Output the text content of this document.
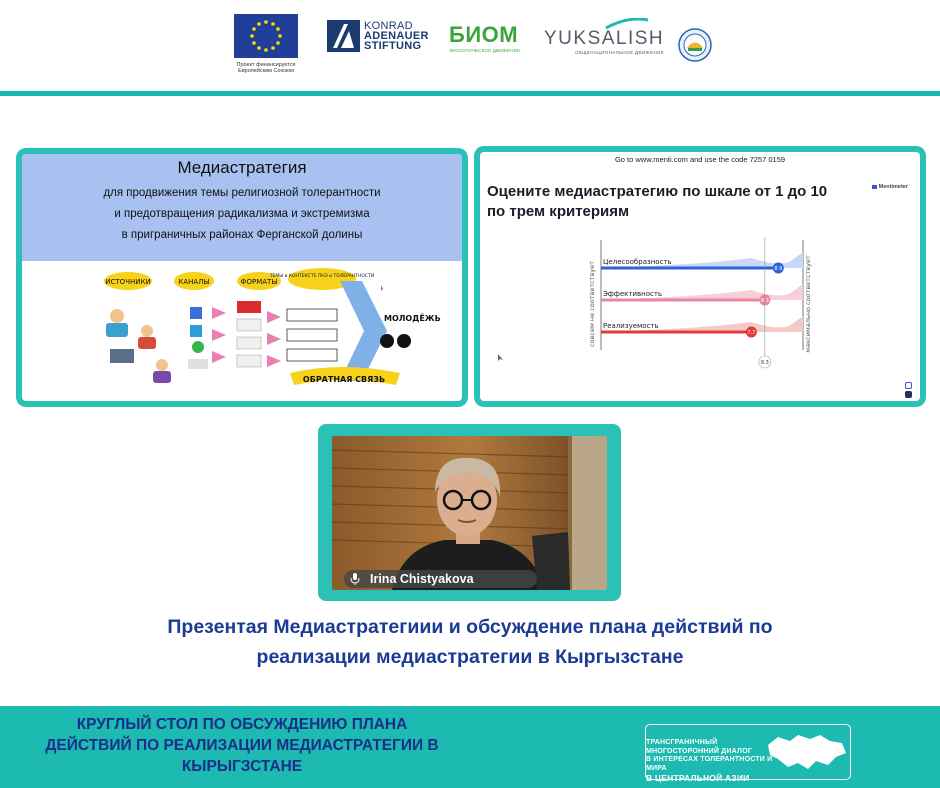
Проект финансируется
Европейским Союзом
KONRAD
ADENAUER
STIFTUNG	БИОМ
ЭКОЛОГИЧЕСКОЕ ДВИЖЕНИЕ
YUKSALISH
ОБЩЕНАЦИОНАЛЬНОЕ ДВИЖЕНИЕ
Медиастратегия
для продвижения темы религиозной толерантности
и предотвращения радикализма и экстремизма
в приграничных районах Ферганской долины
ИСТОЧНИКИ	КАНАЛЫ	ФОРМАТЫ
ТЕМЫ в КОНТЕКСТЕ ПНЭ и ТОЛЕРАНТНОСТИ
МОЛОДЁЖЬ
ОБРАТНАЯ СВЯЗЬ
Go to www.menti.com and use the code 7257 0159
Оцените медиастратегию по шкале от 1 до 10
по трем критериям
Mentimeter
совсем не соответствует	максимально соответствует
Целесообразность
8.9
Эффективность
8.3
Реализуемость
7.7
8.3
Irina Chistyakova
Презентая Медиастратегиии и обсуждение плана действий по
реализации медиастратегии в Кыргызстане
КРУГЛЫЙ СТОЛ ПО ОБСУЖДЕНИЮ ПЛАНА
ДЕЙСТВИЙ ПО РЕАЛИЗАЦИИ МЕДИАСТРАТЕГИИ В
КЫРЫГЗСТАНЕ
ТРАНСГРАНИЧНЫЙ
МНОГОСТОРОННИЙ ДИАЛОГ
В ИНТЕРЕСАХ ТОЛЕРАНТНОСТИ И МИРА
В ЦЕНТРАЛЬНОЙ АЗИИ
